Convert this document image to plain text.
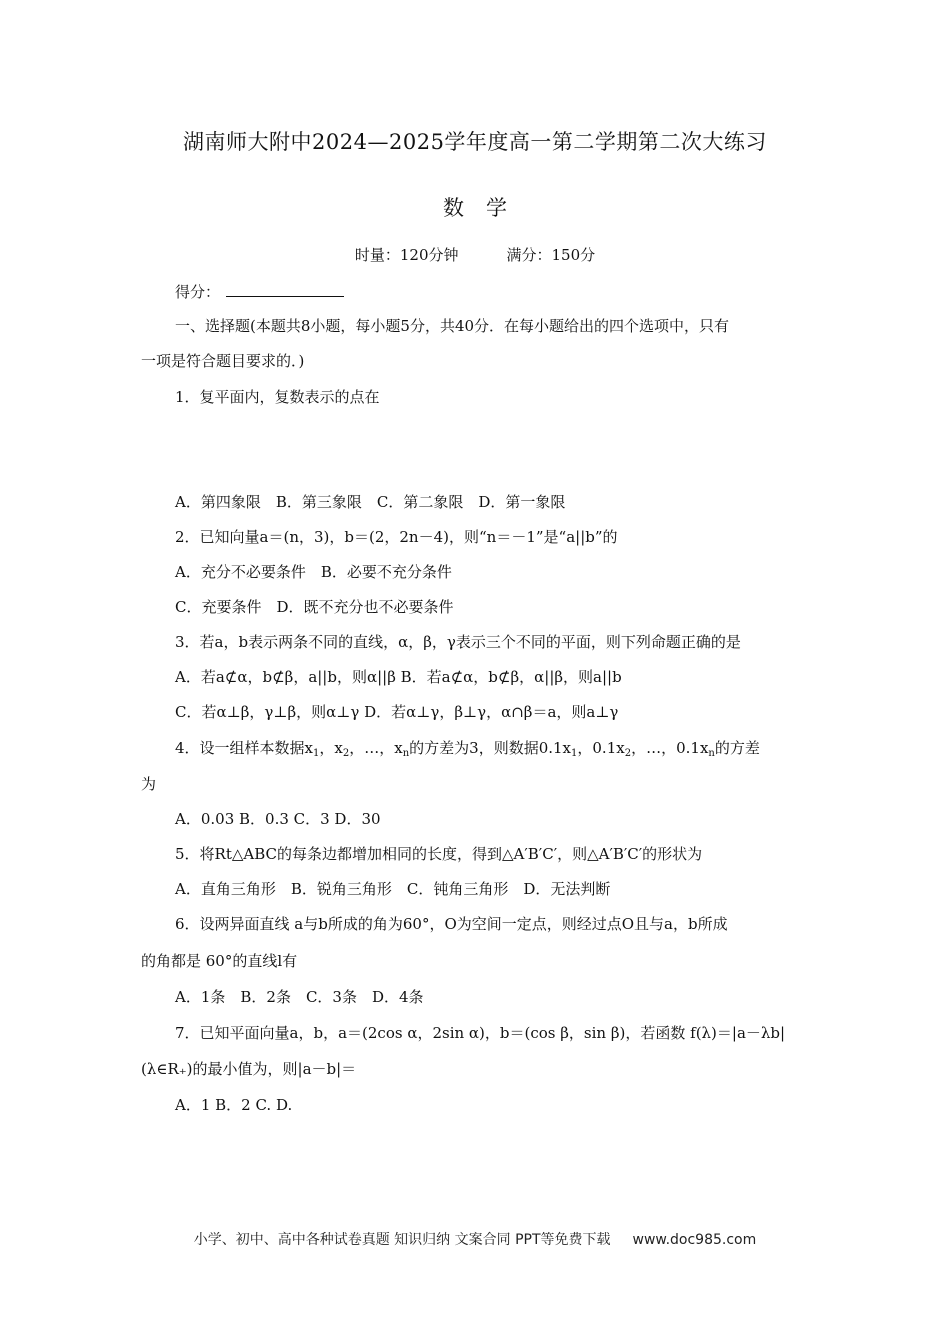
湖南师大附中2024—2025学年度高一第二学期第二次大练习
数学
时量：120分钟	满分：150分
得分：
一、选择题(本题共8小题，每小题5分，共40分．在每小题给出的四个选项中，只有
一项是符合题目要求的．)
1．复平面内，复数表示的点在
A．第四象限　B．第三象限　C．第二象限　D．第一象限
2．已知向量a＝(n，3)，b＝(2，2n－4)，则“n＝－1”是“a||b”的
A．充分不必要条件　B．必要不充分条件
C．充要条件　D．既不充分也不必要条件
3．若a，b表示两条不同的直线，α，β，γ表示三个不同的平面，则下列命题正确的是
A．若a⊄α，b⊄β，a||b，则α||β B．若a⊄α，b⊄β，α||β，则a||b
C．若α⊥β，γ⊥β，则α⊥γ D．若α⊥γ，β⊥γ，α∩β＝a，则a⊥γ
4．设一组样本数据$x_1$，$x_2$，…，$x_n$的方差为3，则数据$0.1x_1$，$0.1x_2$，…，$0.1x_n$的方差
为
A．0.03 B．0.3 C．3 D．30
5．将Rt△ABC的每条边都增加相同的长度，得到△A′B′C′，则△A′B′C′的形状为
A．直角三角形　B．锐角三角形　C．钝角三角形　D．无法判断
6．设两异面直线 a与b所成的角为60°，O为空间一定点，则经过点O且与a，b所成
的角都是 60°的直线l有
A．1条　B．2条　C．3条　D．4条
7．已知平面向量a，b，a＝(2cos α，2sin α)，b＝(cos β，sin β)，若函数 f(λ)＝|a－λb|
(λ∈R₊)的最小值为，则|a－b|＝
A．1 B．2 C. D.
小学、初中、高中各种试卷真题 知识归纳 文案合同 PPT等免费下载 www.doc985.com
